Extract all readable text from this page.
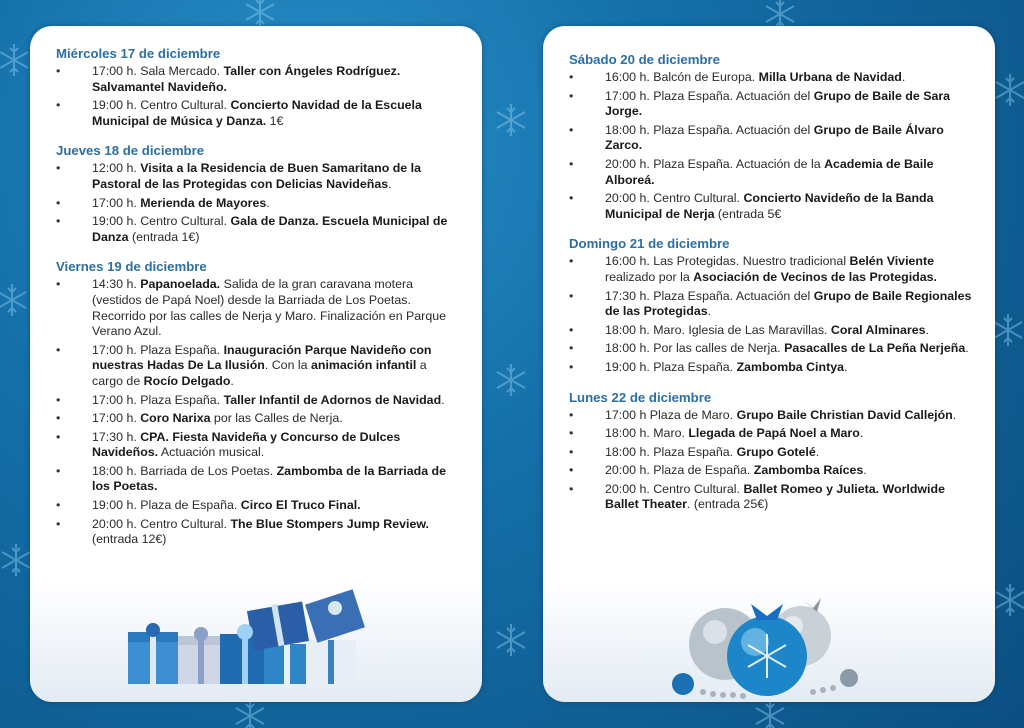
Miércoles 17 de diciembre
•	17:00 h. Sala Mercado. Taller con Ángeles Rodríguez. Salvamantel Navideño.
•	19:00 h. Centro Cultural. Concierto Navidad de la Escuela Municipal de Música y Danza. 1€
Jueves 18 de diciembre
•	12:00 h. Visita a la Residencia de Buen Samaritano de la Pastoral de las Protegidas con Delicias Navideñas.
•	17:00 h. Merienda de Mayores.
•	19:00 h. Centro Cultural. Gala de Danza. Escuela Municipal de Danza (entrada 1€)
Viernes 19 de diciembre
•	14:30 h. Papanoelada. Salida de la gran caravana motera (vestidos de Papá Noel) desde la Barriada de Los Poetas. Recorrido por las calles de Nerja y Maro. Finalización en Parque Verano Azul.
•	17:00 h. Plaza España. Inauguración Parque Navideño con nuestras Hadas De La Ilusión. Con la animación infantil a cargo de Rocío Delgado.
•	17:00 h. Plaza España. Taller Infantil de Adornos de Navidad.
•	17:00 h. Coro Narixa por las Calles de Nerja.
•	17:30 h. CPA. Fiesta Navideña y Concurso de Dulces Navideños. Actuación musical.
•	18:00 h. Barriada de Los Poetas. Zambomba de la Barriada de los Poetas.
•	19:00 h. Plaza de España. Circo El Truco Final.
•	20:00 h. Centro Cultural. The Blue Stompers Jump Review. (entrada 12€)
Sábado 20 de diciembre
•	16:00 h. Balcón de Europa. Milla Urbana de Navidad.
•	17:00 h. Plaza España. Actuación del Grupo de Baile de Sara Jorge.
•	18:00 h. Plaza España. Actuación del Grupo de Baile Álvaro Zarco.
•	20:00 h. Plaza España. Actuación de la Academia de Baile Alboreá.
•	20:00 h. Centro Cultural. Concierto Navideño de la Banda Municipal de Nerja (entrada 5€
Domingo 21 de diciembre
•	16:00 h. Las Protegidas. Nuestro tradicional Belén Viviente realizado por la Asociación de Vecinos de las Protegidas.
•	17:30 h. Plaza España. Actuación del Grupo de Baile Regionales de las Protegidas.
•	18:00 h. Maro. Iglesia de Las Maravillas. Coral Alminares.
•	18:00 h. Por las calles de Nerja. Pasacalles de La Peña Nerjeña.
•	19:00 h. Plaza España. Zambomba Cintya.
Lunes 22 de diciembre
•	17:00 h Plaza de Maro. Grupo Baile Christian David Callejón.
•	18:00 h. Maro. Llegada de Papá Noel a Maro.
•	18:00 h. Plaza España. Grupo Gotelé.
•	20:00 h. Plaza de España. Zambomba Raíces.
•	20:00 h. Centro Cultural. Ballet Romeo y Julieta. Worldwide Ballet Theater. (entrada 25€)
